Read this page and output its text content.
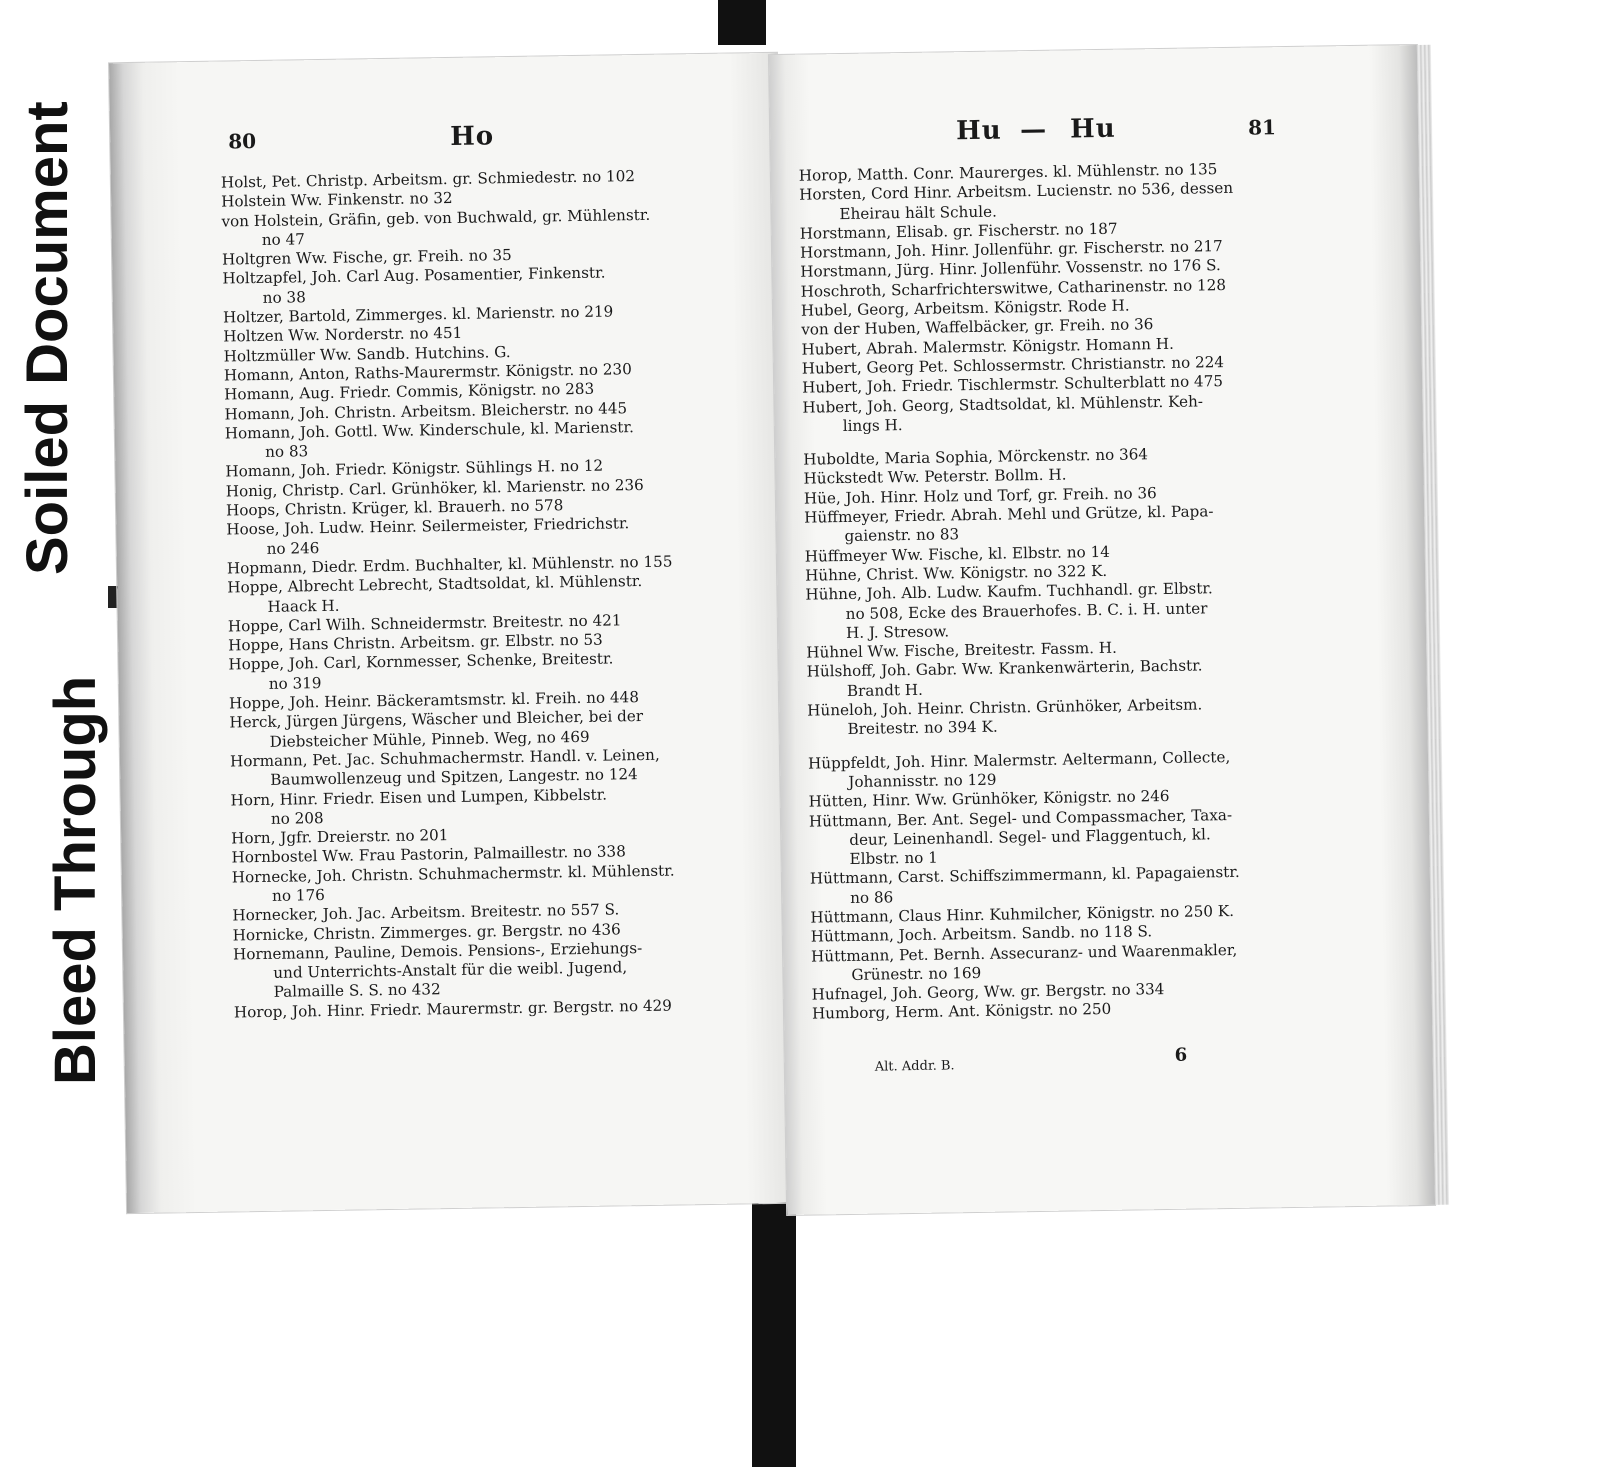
Soiled Document
Bleed Through
80	Ho
Holst, Pet. Christp. Arbeitsm. gr. Schmiedestr. no 102
Holstein Ww. Finkenstr. no 32
von Holstein, Gräfin, geb. von Buchwald, gr. Mühlenstr.
no 47
Holtgren Ww. Fische, gr. Freih. no 35
Holtzapfel, Joh. Carl Aug. Posamentier, Finkenstr.
no 38
Holtzer, Bartold, Zimmerges. kl. Marienstr. no 219
Holtzen Ww. Norderstr. no 451
Holtzmüller Ww. Sandb. Hutchins. G.
Homann, Anton, Raths-Maurermstr. Königstr. no 230
Homann, Aug. Friedr. Commis, Königstr. no 283
Homann, Joh. Christn. Arbeitsm. Bleicherstr. no 445
Homann, Joh. Gottl. Ww. Kinderschule, kl. Marienstr.
no 83
Homann, Joh. Friedr. Königstr. Sühlings H. no 12
Honig, Christp. Carl. Grünhöker, kl. Marienstr. no 236
Hoops, Christn. Krüger, kl. Brauerh. no 578
Hoose, Joh. Ludw. Heinr. Seilermeister, Friedrichstr.
no 246
Hopmann, Diedr. Erdm. Buchhalter, kl. Mühlenstr. no 155
Hoppe, Albrecht Lebrecht, Stadtsoldat, kl. Mühlenstr.
Haack H.
Hoppe, Carl Wilh. Schneidermstr. Breitestr. no 421
Hoppe, Hans Christn. Arbeitsm. gr. Elbstr. no 53
Hoppe, Joh. Carl, Kornmesser, Schenke, Breitestr.
no 319
Hoppe, Joh. Heinr. Bäckeramtsmstr. kl. Freih. no 448
Herck, Jürgen Jürgens, Wäscher und Bleicher, bei der
Diebsteicher Mühle, Pinneb. Weg, no 469
Hormann, Pet. Jac. Schuhmachermstr. Handl. v. Leinen,
Baumwollenzeug und Spitzen, Langestr. no 124
Horn, Hinr. Friedr. Eisen und Lumpen, Kibbelstr.
no 208
Horn, Jgfr. Dreierstr. no 201
Hornbostel Ww. Frau Pastorin, Palmaillestr. no 338
Hornecke, Joh. Christn. Schuhmachermstr. kl. Mühlenstr.
no 176
Hornecker, Joh. Jac. Arbeitsm. Breitestr. no 557 S.
Hornicke, Christn. Zimmerges. gr. Bergstr. no 436
Hornemann, Pauline, Demois. Pensions-, Erziehungs-
und Unterrichts-Anstalt für die weibl. Jugend,
Palmaille S. S. no 432
Horop, Joh. Hinr. Friedr. Maurermstr. gr. Bergstr. no 429
Hu — Hu	81
Horop, Matth. Conr. Maurerges. kl. Mühlenstr. no 135
Horsten, Cord Hinr. Arbeitsm. Lucienstr. no 536, dessen
Eheirau hält Schule.
Horstmann, Elisab. gr. Fischerstr. no 187
Horstmann, Joh. Hinr. Jollenführ. gr. Fischerstr. no 217
Horstmann, Jürg. Hinr. Jollenführ. Vossenstr. no 176 S.
Hoschroth, Scharfrichterswitwe, Catharinenstr. no 128
Hubel, Georg, Arbeitsm. Königstr. Rode H.
von der Huben, Waffelbäcker, gr. Freih. no 36
Hubert, Abrah. Malermstr. Königstr. Homann H.
Hubert, Georg Pet. Schlossermstr. Christianstr. no 224
Hubert, Joh. Friedr. Tischlermstr. Schulterblatt no 475
Hubert, Joh. Georg, Stadtsoldat, kl. Mühlenstr. Keh-
lings H.
Huboldte, Maria Sophia, Mörckenstr. no 364
Hückstedt Ww. Peterstr. Bollm. H.
Hüe, Joh. Hinr. Holz und Torf, gr. Freih. no 36
Hüffmeyer, Friedr. Abrah. Mehl und Grütze, kl. Papa-
gaienstr. no 83
Hüffmeyer Ww. Fische, kl. Elbstr. no 14
Hühne, Christ. Ww. Königstr. no 322 K.
Hühne, Joh. Alb. Ludw. Kaufm. Tuchhandl. gr. Elbstr.
no 508, Ecke des Brauerhofes. B. C. i. H. unter
H. J. Stresow.
Hühnel Ww. Fische, Breitestr. Fassm. H.
Hülshoff, Joh. Gabr. Ww. Krankenwärterin, Bachstr.
Brandt H.
Hüneloh, Joh. Heinr. Christn. Grünhöker, Arbeitsm.
Breitestr. no 394 K.
Hüppfeldt, Joh. Hinr. Malermstr. Aeltermann, Collecte,
Johannisstr. no 129
Hütten, Hinr. Ww. Grünhöker, Königstr. no 246
Hüttmann, Ber. Ant. Segel- und Compassmacher, Taxa-
deur, Leinenhandl. Segel- und Flaggentuch, kl.
Elbstr. no 1
Hüttmann, Carst. Schiffszimmermann, kl. Papagaienstr.
no 86
Hüttmann, Claus Hinr. Kuhmilcher, Königstr. no 250 K.
Hüttmann, Joch. Arbeitsm. Sandb. no 118 S.
Hüttmann, Pet. Bernh. Assecuranz- und Waarenmakler,
Grünestr. no 169
Hufnagel, Joh. Georg, Ww. gr. Bergstr. no 334
Humborg, Herm. Ant. Königstr. no 250
Alt. Addr. B.
6
